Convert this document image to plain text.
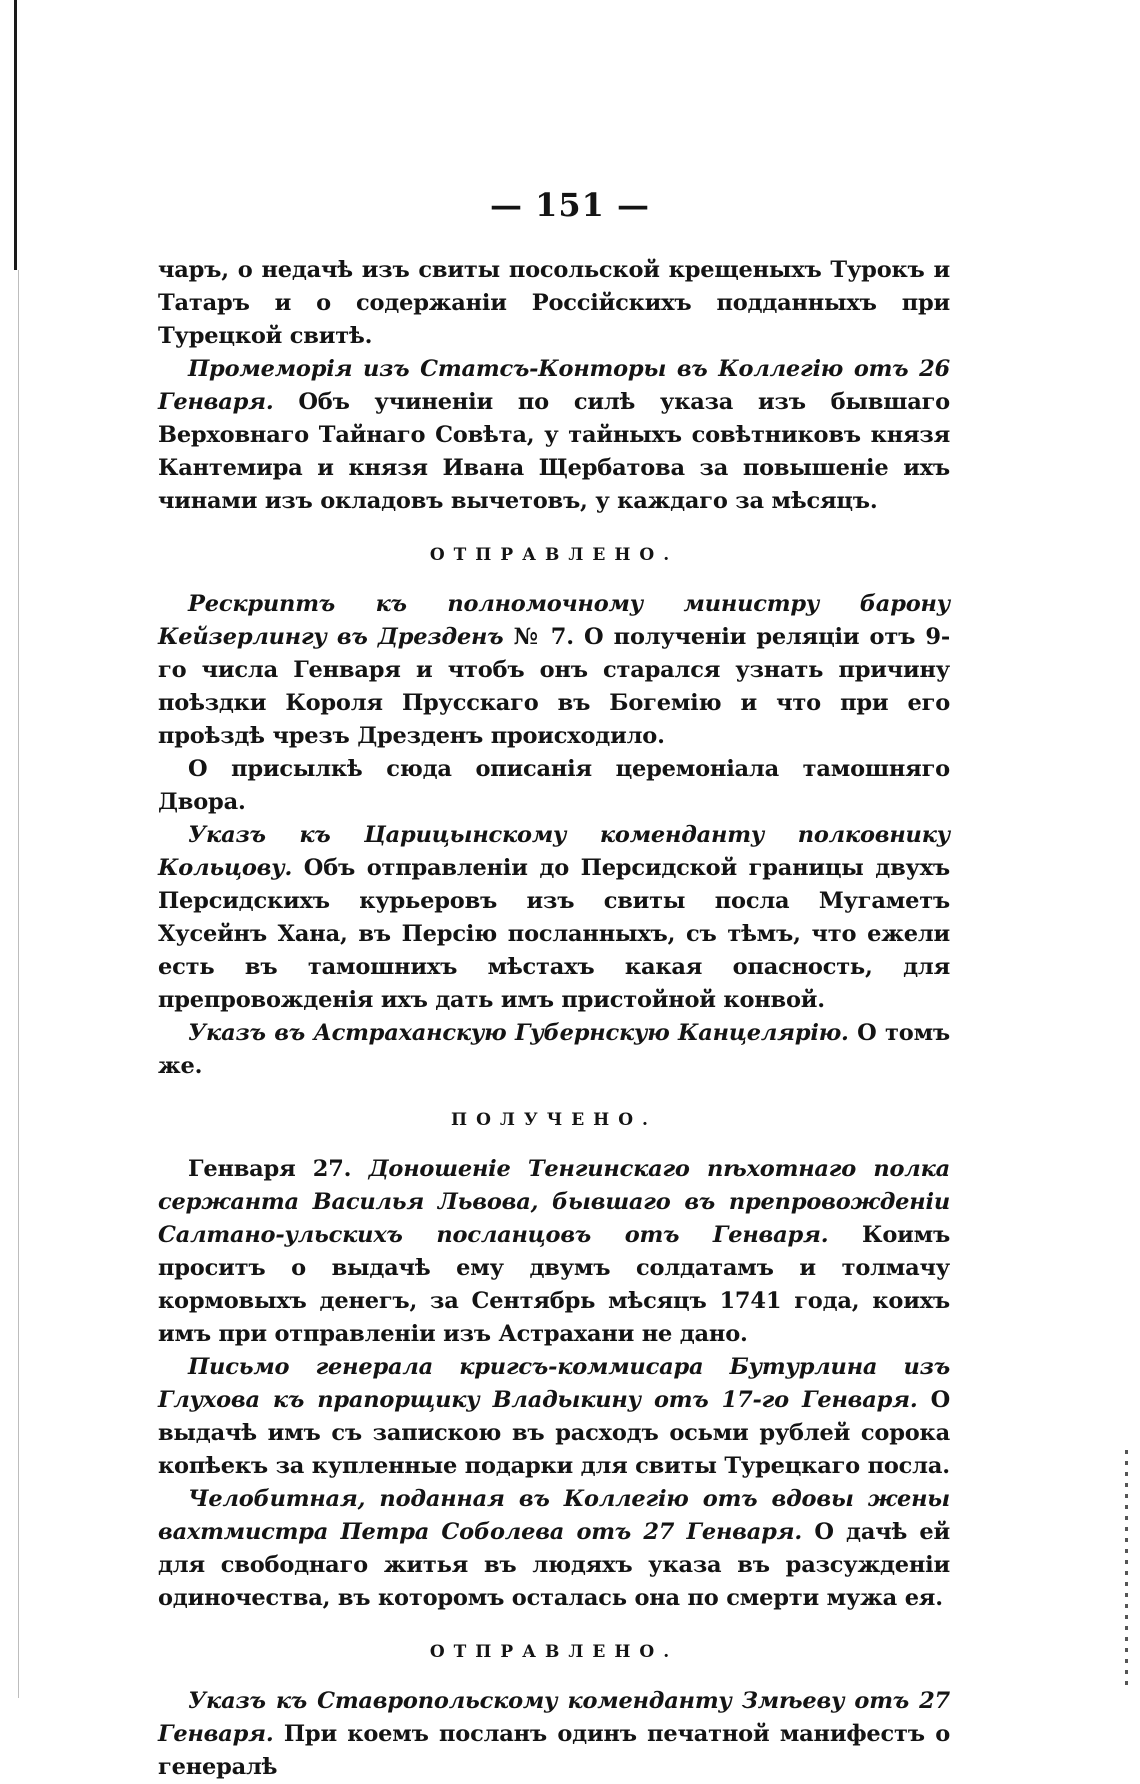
— 151 —

чаръ, о недачѣ изъ свиты посольской крещеныхъ Турокъ и Татаръ и о содержаніи Россійскихъ подданныхъ при Турецкой свитѣ.

Промеморія изъ Статсъ-Конторы въ Коллегію отъ 26 Генваря. Объ учиненіи по силѣ указа изъ бывшаго Верховнаго Тайнаго Совѣта, у тайныхъ совѣтниковъ князя Кантемира и князя Ивана Щербатова за повышеніе ихъ чинами изъ окладовъ вычетовъ, у каждаго за мѣсяцъ.

ОТПРАВЛЕНО.

Рескриптъ къ полномочному министру барону Кейзерлингу въ Дрезденъ № 7. О полученіи реляціи отъ 9-го числа Генваря и чтобъ онъ старался узнать причину поѣздки Короля Прусскаго въ Богемію и что при его проѣздѣ чрезъ Дрезденъ происходило.

О присылкѣ сюда описанія церемоніала тамошняго Двора.

Указъ къ Царицынскому коменданту полковнику Кольцову. Объ отправленіи до Персидской границы двухъ Персидскихъ курьеровъ изъ свиты посла Мугаметъ Хусейнъ Хана, въ Персію посланныхъ, съ тѣмъ, что ежели есть въ тамошнихъ мѣстахъ какая опасность, для препровожденія ихъ дать имъ пристойной конвой.

Указъ въ Астраханскую Губернскую Канцелярію. О томъ же.

ПОЛУЧЕНО.

Генваря 27. Доношеніе Тенгинскаго пѣхотнаго полка сержанта Василья Львова, бывшаго въ препровожденіи Салтано-ульскихъ посланцовъ отъ Генваря. Коимъ проситъ о выдачѣ ему двумъ солдатамъ и толмачу кормовыхъ денегъ, за Сентябрь мѣсяцъ 1741 года, коихъ имъ при отправленіи изъ Астрахани не дано.

Письмо генерала кригсъ-коммисара Бутурлина изъ Глухова къ прапорщику Владыкину отъ 17-го Генваря. О выдачѣ имъ съ запискою въ расходъ осьми рублей сорока копѣекъ за купленные подарки для свиты Турецкаго посла.

Челобитная, поданная въ Коллегію отъ вдовы жены вахтмистра Петра Соболева отъ 27 Генваря. О дачѣ ей для свободнаго житья въ людяхъ указа въ разсужденіи одиночества, въ которомъ осталась она по смерти мужа ея.

ОТПРАВЛЕНО.

Указъ къ Ставропольскому коменданту Змѣеву отъ 27 Генваря. При коемъ посланъ одинъ печатной манифестъ о генералѣ
